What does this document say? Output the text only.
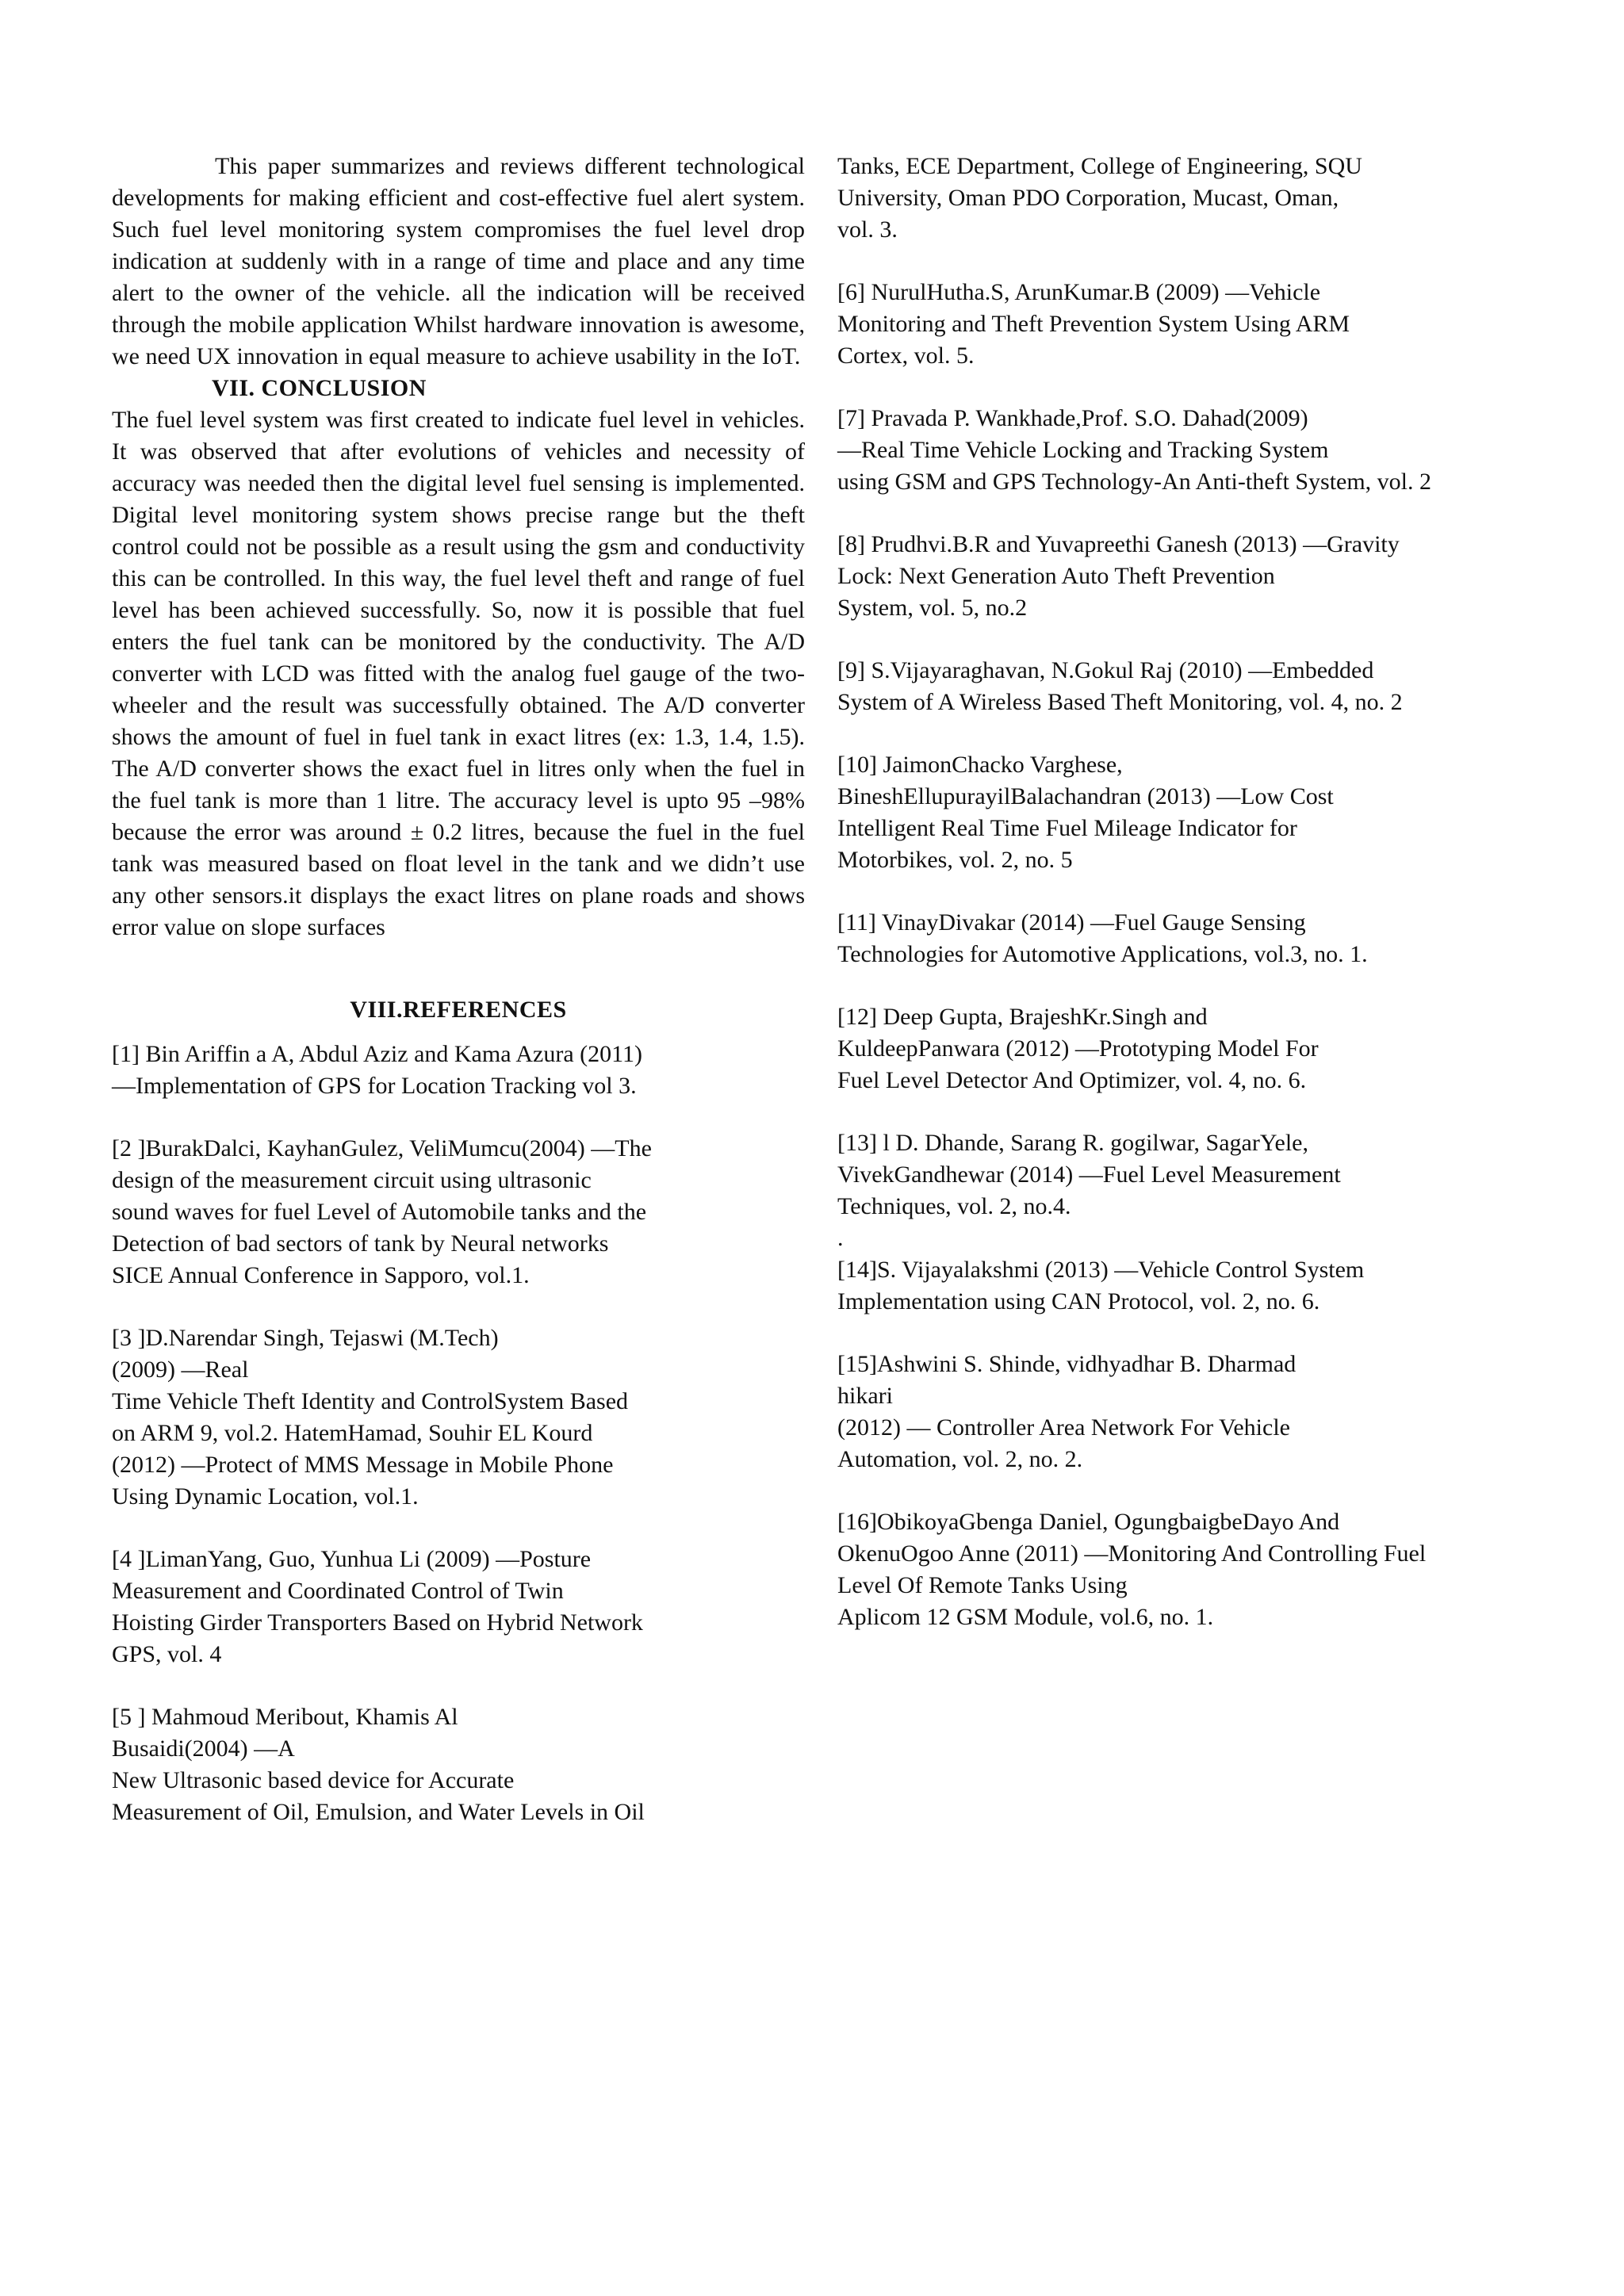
This paper summarizes and reviews different technological developments for making efficient and cost-effective fuel alert system. Such fuel level monitoring system compromises the fuel level drop indication at suddenly with in a range of time and place and any time alert to the owner of the vehicle. all the indication will be received through the mobile application Whilst hardware innovation is awesome, we need UX innovation in equal measure to achieve usability in the IoT.

VII. CONCLUSION

The fuel level system was first created to indicate fuel level in vehicles. It was observed that after evolutions of vehicles and necessity of accuracy was needed then the digital level fuel sensing is implemented. Digital level monitoring system shows precise range but the theft control could not be possible as a result using the gsm and conductivity this can be controlled. In this way, the fuel level theft and range of fuel level has been achieved successfully. So, now it is possible that fuel enters the fuel tank can be monitored by the conductivity. The A/D converter with LCD was fitted with the analog fuel gauge of the two-wheeler and the result was successfully obtained. The A/D converter shows the amount of fuel in fuel tank in exact litres (ex: 1.3, 1.4, 1.5). The A/D converter shows the exact fuel in litres only when the fuel in the fuel tank is more than 1 litre. The accuracy level is upto 95 –98% because the error was around ± 0.2 litres, because the fuel in the fuel tank was measured based on float level in the tank and we didn’t use any other sensors.it displays the exact litres on plane roads and shows error value on slope surfaces

VIII.REFERENCES

[1] Bin Ariffin a A, Abdul Aziz and Kama Azura (2011)
―Implementation of GPS for Location Tracking vol 3.

[2 ]BurakDalci, KayhanGulez, VeliMumcu(2004) ―The
design of the measurement circuit using ultrasonic
sound waves for fuel Level of Automobile tanks and the
Detection of bad sectors of tank by Neural networks
SICE Annual Conference in Sapporo, vol.1.

[3 ]D.Narendar Singh, Tejaswi (M.Tech)
(2009) ―Real
Time Vehicle Theft Identity and ControlSystem Based
on ARM 9, vol.2. HatemHamad, Souhir EL Kourd
(2012) ―Protect of MMS Message in Mobile Phone
Using Dynamic Location, vol.1.

[4 ]LimanYang, Guo, Yunhua Li (2009) ―Posture
Measurement and Coordinated Control of Twin
Hoisting Girder Transporters Based on Hybrid Network
GPS, vol. 4

[5 ] Mahmoud Meribout, Khamis Al
Busaidi(2004) ―A
New Ultrasonic based device for Accurate
Measurement of Oil, Emulsion, and Water Levels in Oil

Tanks, ECE Department, College of Engineering, SQU
University, Oman PDO Corporation, Mucast, Oman,
vol. 3.

[6] NurulHutha.S, ArunKumar.B (2009) ―Vehicle
Monitoring and Theft Prevention System Using ARM
Cortex, vol. 5.

[7] Pravada P. Wankhade,Prof. S.O. Dahad(2009)
―Real Time Vehicle Locking and Tracking System
using GSM and GPS Technology-An Anti-theft System, vol. 2

[8] Prudhvi.B.R and Yuvapreethi Ganesh (2013) ―Gravity
Lock: Next Generation Auto Theft Prevention
System, vol. 5, no.2

[9] S.Vijayaraghavan, N.Gokul Raj (2010) ―Embedded
System of A Wireless Based Theft Monitoring, vol. 4, no. 2

[10] JaimonChacko Varghese,
BineshEllupurayilBalachandran (2013) ―Low Cost
Intelligent Real Time Fuel Mileage Indicator for
Motorbikes, vol. 2, no. 5

[11] VinayDivakar (2014) ―Fuel Gauge Sensing
Technologies for Automotive Applications, vol.3, no. 1.

[12] Deep Gupta, BrajeshKr.Singh and
KuldeepPanwara (2012) ―Prototyping Model For
Fuel Level Detector And Optimizer, vol. 4, no. 6.

[13] l D. Dhande, Sarang R. gogilwar, SagarYele,
VivekGandhewar (2014) ―Fuel Level Measurement
Techniques, vol. 2, no.4.

.

[14]S. Vijayalakshmi (2013) ―Vehicle Control System
Implementation using CAN Protocol, vol. 2, no. 6.

[15]Ashwini S. Shinde, vidhyadhar B. Dharmad
hikari
(2012) ― Controller Area Network For Vehicle
Automation, vol. 2, no. 2.

[16]ObikoyaGbenga Daniel, OgungbaigbeDayo And
OkenuOgoo Anne (2011) ―Monitoring And Controlling Fuel
Level Of Remote Tanks Using
Aplicom 12 GSM Module, vol.6, no. 1.
